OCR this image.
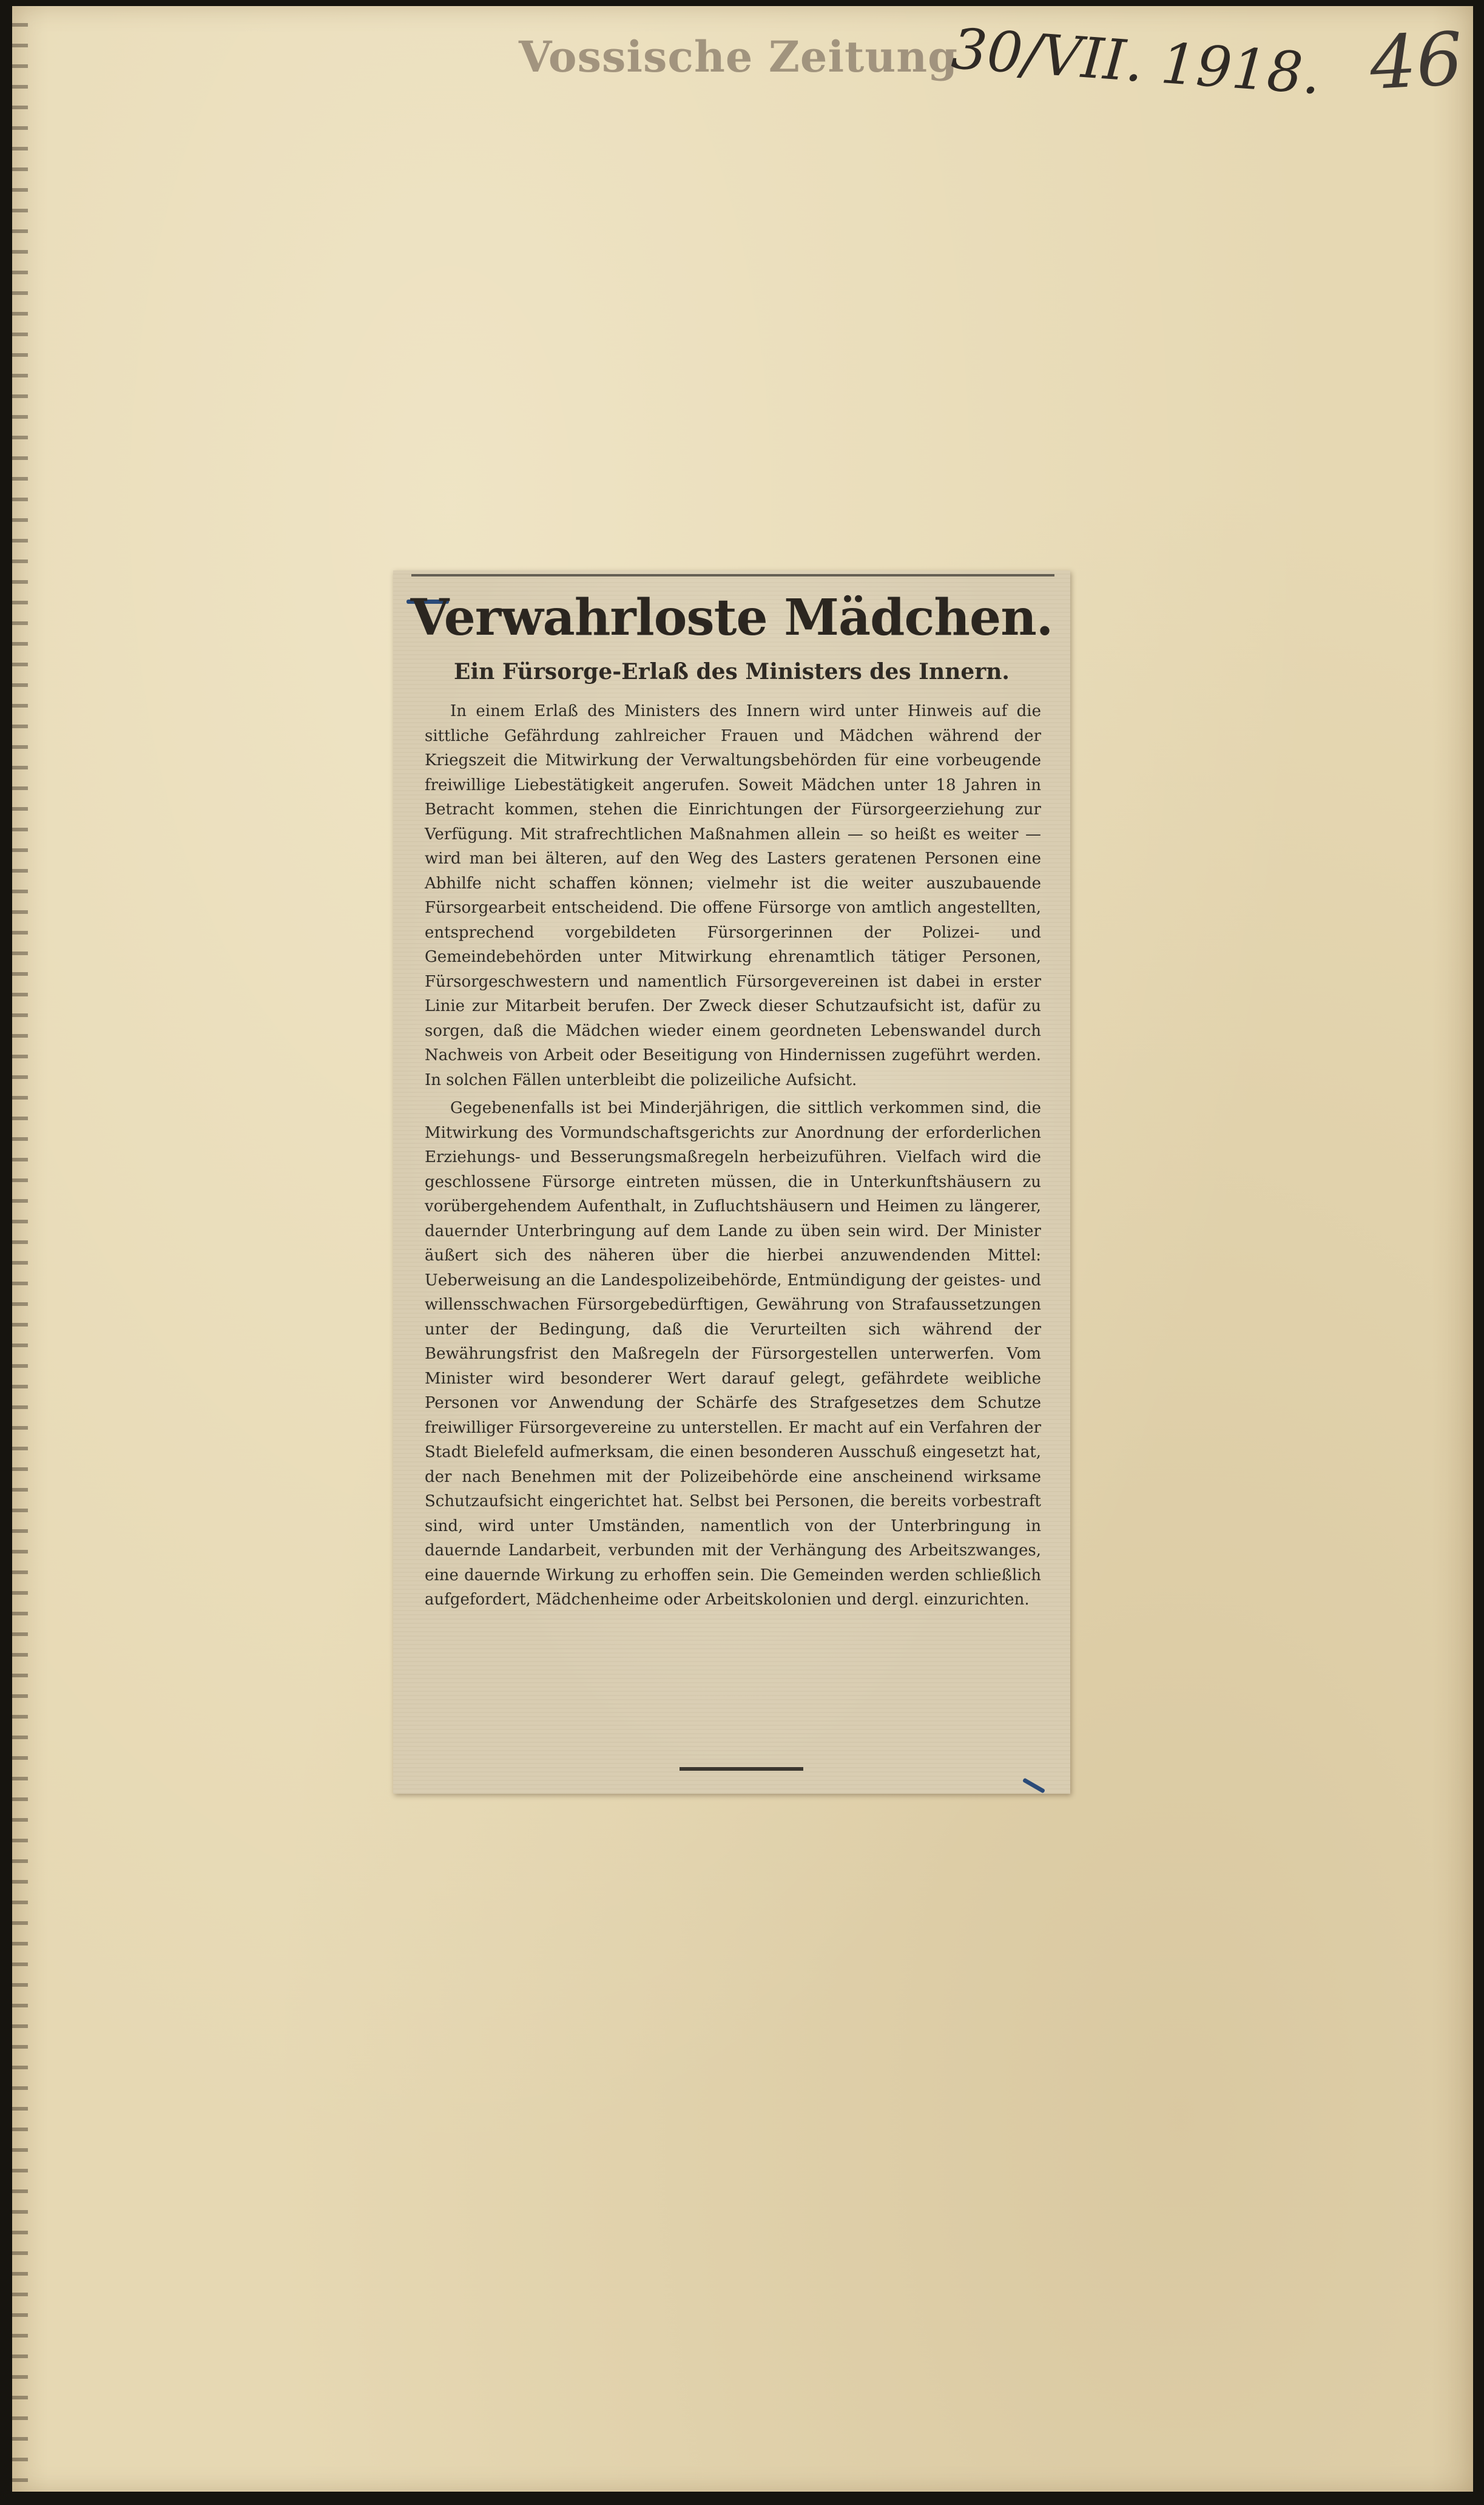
Vossische Zeitung
30/VII. 1918. 46
Verwahrloste Mädchen.
Ein Fürsorge-Erlaß des Ministers des Innern.

In einem Erlaß des Ministers des Innern wird unter Hinweis auf die sittliche Gefährdung zahlreicher Frauen und Mädchen während der Kriegszeit die Mitwirkung der Verwaltungsbehörden für eine vorbeugende freiwillige Liebestätigkeit angerufen. Soweit Mädchen unter 18 Jahren in Betracht kommen, stehen die Einrichtungen der Fürsorgeerziehung zur Verfügung. Mit strafrechtlichen Maßnahmen allein — so heißt es weiter — wird man bei älteren, auf den Weg des Lasters geratenen Personen eine Abhilfe nicht schaffen können; vielmehr ist die weiter auszubauende Fürsorgearbeit entscheidend. Die offene Fürsorge von amtlich angestellten, entsprechend vorgebildeten Fürsorgerinnen der Polizei- und Gemeindebehörden unter Mitwirkung ehrenamtlich tätiger Personen, Fürsorgeschwestern und namentlich Fürsorgevereinen ist dabei in erster Linie zur Mitarbeit berufen. Der Zweck dieser Schutzaufsicht ist, dafür zu sorgen, daß die Mädchen wieder einem geordneten Lebenswandel durch Nachweis von Arbeit oder Beseitigung von Hindernissen zugeführt werden. In solchen Fällen unterbleibt die polizeiliche Aufsicht.

Gegebenenfalls ist bei Minderjährigen, die sittlich verkommen sind, die Mitwirkung des Vormundschaftsgerichts zur Anordnung der erforderlichen Erziehungs- und Besserungsmaßregeln herbeizuführen. Vielfach wird die geschlossene Fürsorge eintreten müssen, die in Unterkunftshäusern zu vorübergehendem Aufenthalt, in Zufluchtshäusern und Heimen zu längerer, dauernder Unterbringung auf dem Lande zu üben sein wird. Der Minister äußert sich des näheren über die hierbei anzuwendenden Mittel: Ueberweisung an die Landespolizeibehörde, Entmündigung der geistes- und willensschwachen Fürsorgebedürftigen, Gewährung von Strafaussetzungen unter der Bedingung, daß die Verurteilten sich während der Bewährungsfrist den Maßregeln der Fürsorgestellen unterwerfen. Vom Minister wird besonderer Wert darauf gelegt, gefährdete weibliche Personen vor Anwendung der Schärfe des Strafgesetzes dem Schutze freiwilliger Fürsorgevereine zu unterstellen. Er macht auf ein Verfahren der Stadt Bielefeld aufmerksam, die einen besonderen Ausschuß eingesetzt hat, der nach Benehmen mit der Polizeibehörde eine anscheinend wirksame Schutzaufsicht eingerichtet hat. Selbst bei Personen, die bereits vorbestraft sind, wird unter Umständen, namentlich von der Unterbringung in dauernde Landarbeit, verbunden mit der Verhängung des Arbeitszwanges, eine dauernde Wirkung zu erhoffen sein. Die Gemeinden werden schließlich aufgefordert, Mädchenheime oder Arbeitskolonien und dergl. einzurichten.
